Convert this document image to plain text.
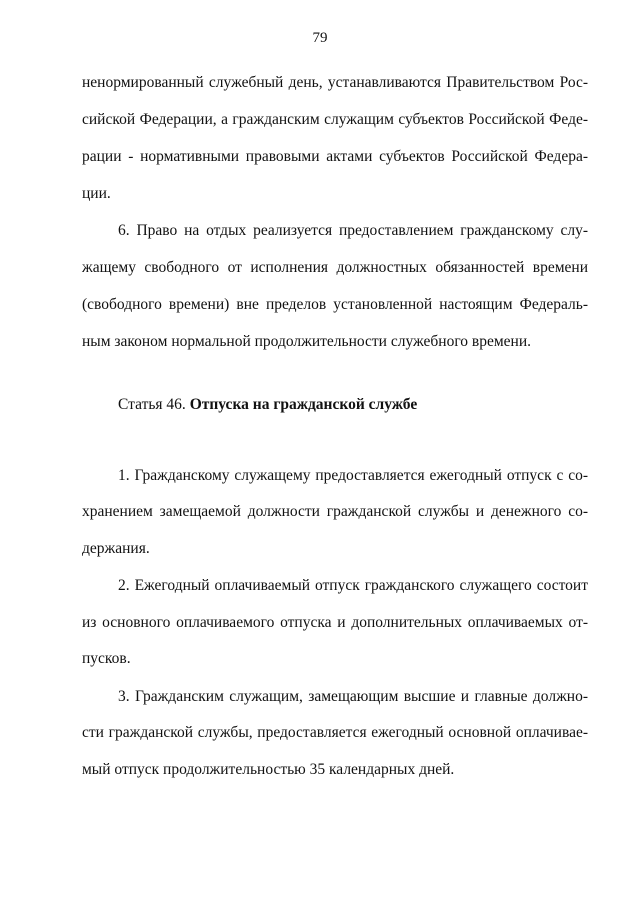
79
ненормированный служебный день, устанавливаются Правительством Рос-
сийской Федерации, а гражданским служащим субъектов Российской Феде-
рации - нормативными правовыми актами субъектов Российской Федера-
ции.
6. Право на отдых реализуется предоставлением гражданскому слу-
жащему свободного от исполнения должностных обязанностей времени
(свободного времени) вне пределов установленной настоящим Федераль-
ным законом нормальной продолжительности служебного времени.
Статья 46. Отпуска на гражданской службе
1. Гражданскому служащему предоставляется ежегодный отпуск с со-
хранением замещаемой должности гражданской службы и денежного со-
держания.
2. Ежегодный оплачиваемый отпуск гражданского служащего состоит
из основного оплачиваемого отпуска и дополнительных оплачиваемых от-
пусков.
3. Гражданским служащим, замещающим высшие и главные должно-
сти гражданской службы, предоставляется ежегодный основной оплачивае-
мый отпуск продолжительностью 35 календарных дней.
